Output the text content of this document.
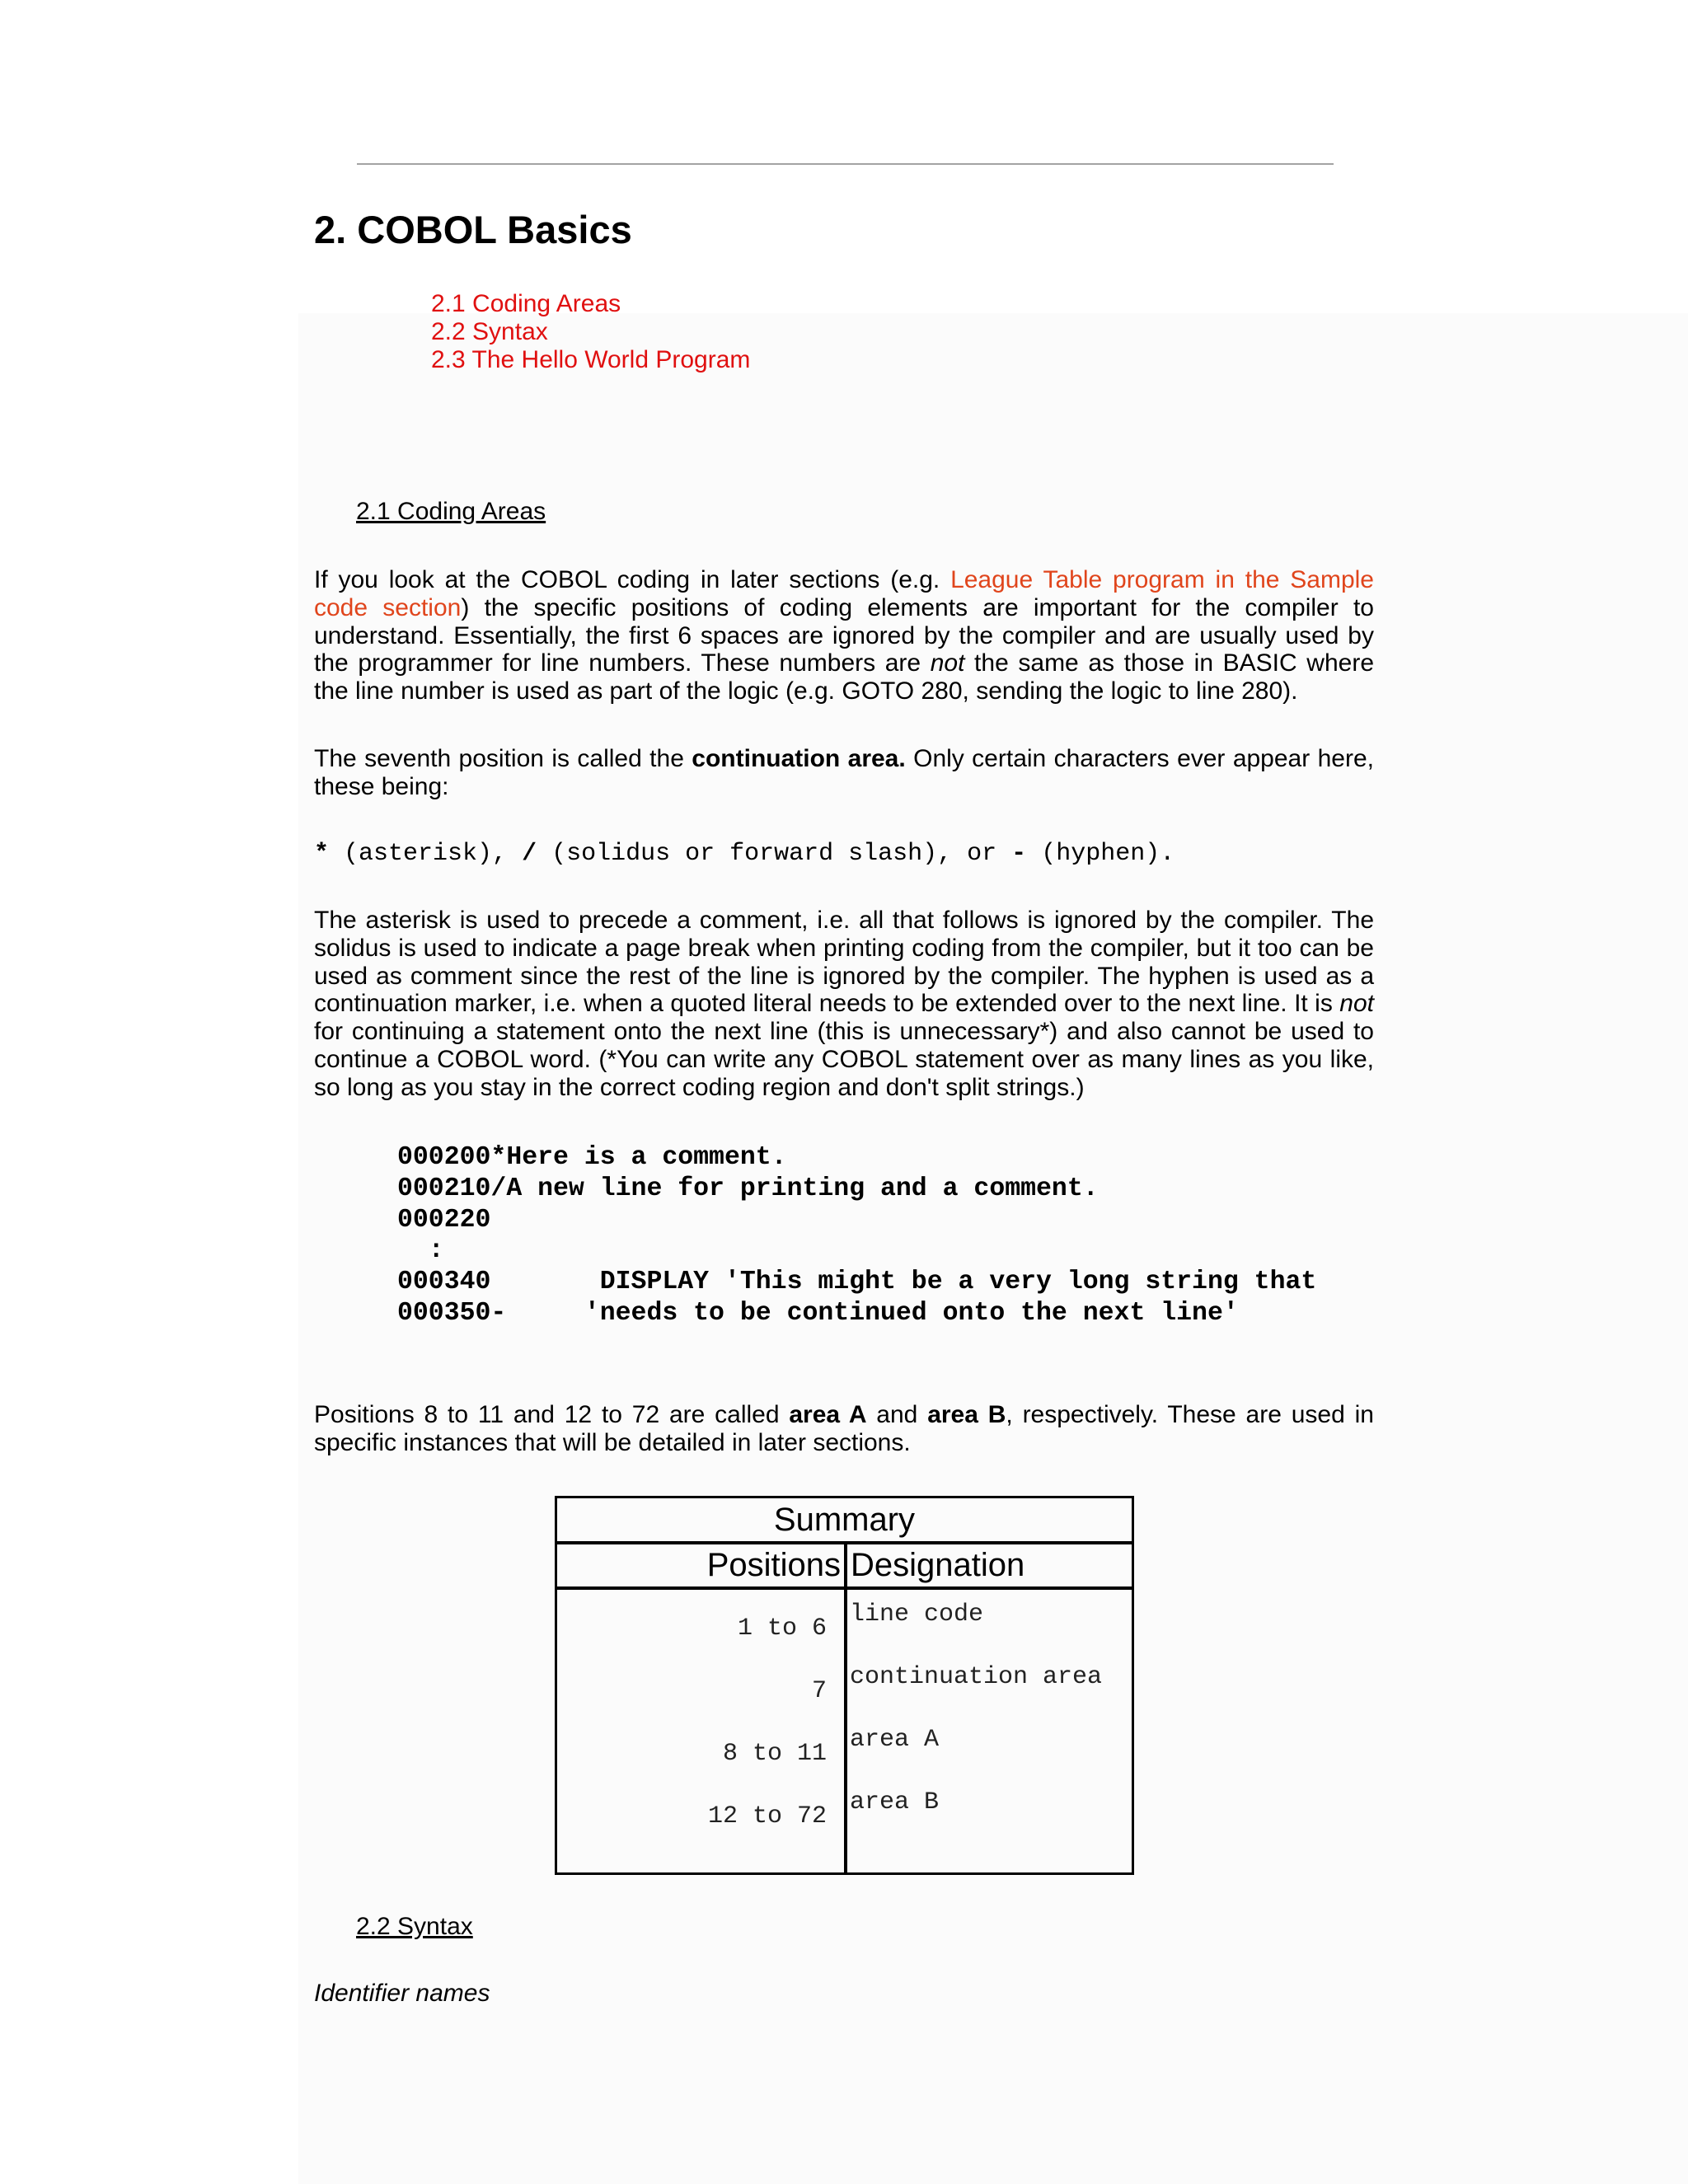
2. COBOL Basics
2.1 Coding Areas
2.2 Syntax
2.3 The Hello World Program
2.1 Coding Areas

If you look at the COBOL coding in later sections (e.g. League Table program in the Sample code section) the specific positions of coding elements are important for the compiler to understand. Essentially, the first 6 spaces are ignored by the compiler and are usually used by the programmer for line numbers. These numbers are not the same as those in BASIC where the line number is used as part of the logic (e.g. GOTO 280, sending the logic to line 280).

The seventh position is called the continuation area. Only certain characters ever appear here, these being:

* (asterisk), / (solidus or forward slash), or - (hyphen).

The asterisk is used to precede a comment, i.e. all that follows is ignored by the compiler. The solidus is used to indicate a page break when printing coding from the compiler, but it too can be used as comment since the rest of the line is ignored by the compiler. The hyphen is used as a continuation marker, i.e. when a quoted literal needs to be extended over to the next line. It is not for continuing a statement onto the next line (this is unnecessary*) and also cannot be used to continue a COBOL word. (*You can write any COBOL statement over as many lines as you like, so long as you stay in the correct coding region and don't split strings.)

000200*Here is a comment.
000210/A new line for printing and a comment.
000220
:
000340       DISPLAY 'This might be a very long string that
000350-     'needs to be continued onto the next line'

Positions 8 to 11 and 12 to 72 are called area A and area B, respectively. These are used in specific instances that will be detailed in later sections.

Summary
Positions Designation
1 to 6 line code
7 continuation area
8 to 11 area A
12 to 72 area B
2.2 Syntax
Identifier names
